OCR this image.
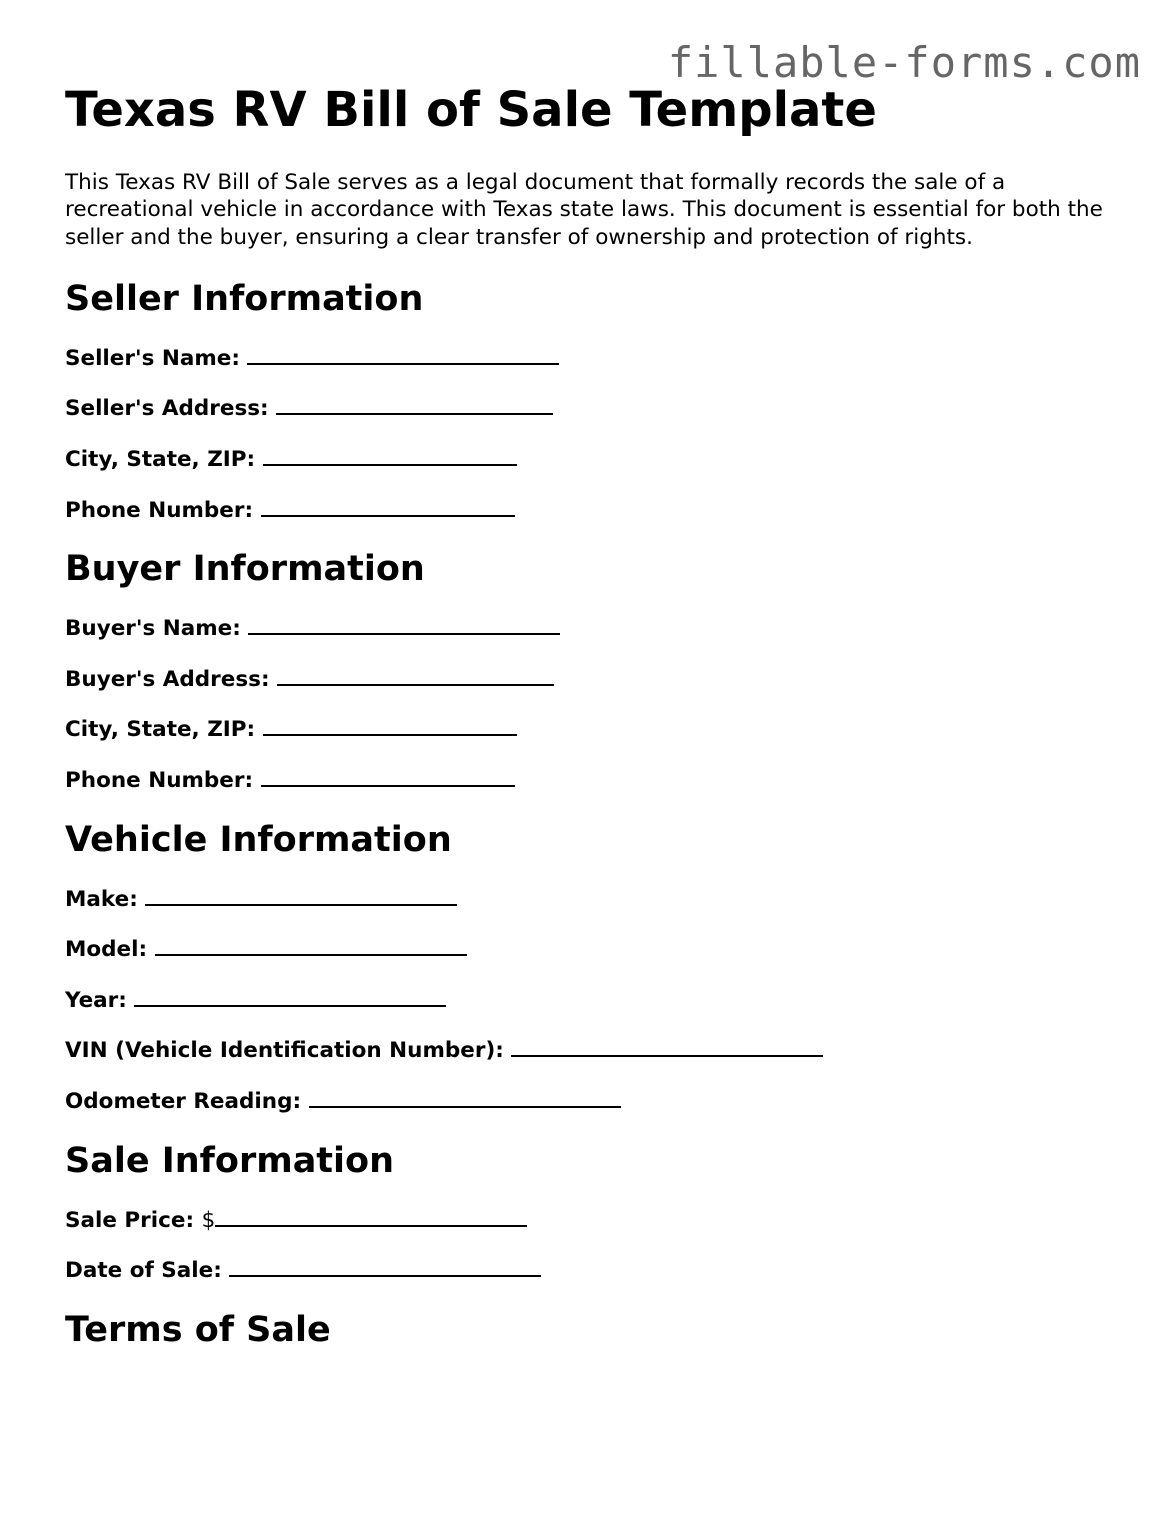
fillable-forms.com
Texas RV Bill of Sale Template

This Texas RV Bill of Sale serves as a legal document that formally records the sale of a recreational vehicle in accordance with Texas state laws. This document is essential for both the seller and the buyer, ensuring a clear transfer of ownership and protection of rights.

Seller Information
Seller's Name:
Seller's Address:
City, State, ZIP:
Phone Number:
Buyer Information
Buyer's Name:
Buyer's Address:
City, State, ZIP:
Phone Number:
Vehicle Information
Make:
Model:
Year:
VIN (Vehicle Identification Number):
Odometer Reading:
Sale Information
Sale Price: $
Date of Sale:
Terms of Sale
